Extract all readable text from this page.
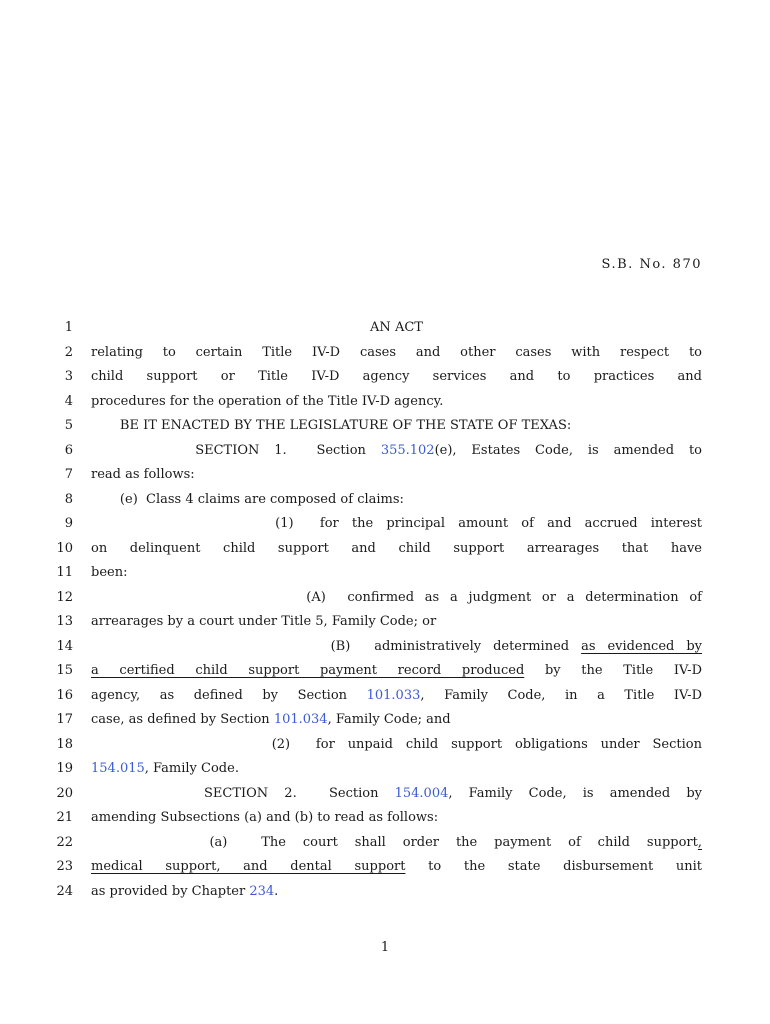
S.B. No. 870
1	AN ACT
2 relating to certain Title IV-D cases and other cases with respect to
3 child support or Title IV-D agency services and to practices and
4 procedures for the operation of the Title IV-D agency.
5 BE IT ENACTED BY THE LEGISLATURE OF THE STATE OF TEXAS:
6 SECTION 1.  Section 355.102(e), Estates Code, is amended to
7 read as follows:
8 (e)  Class 4 claims are composed of claims:
9 (1)  for the principal amount of and accrued interest
10 on delinquent child support and child support arrearages that have
11 been:
12 (A)  confirmed as a judgment or a determination of
13 arrearages by a court under Title 5, Family Code; or
14 (B)  administratively determined as evidenced by
15 a certified child support payment record produced by the Title IV-D
16 agency, as defined by Section 101.033, Family Code, in a Title IV-D
17 case, as defined by Section 101.034, Family Code; and
18 (2)  for unpaid child support obligations under Section
19 154.015, Family Code.
20 SECTION 2.  Section 154.004, Family Code, is amended by
21 amending Subsections (a) and (b) to read as follows:
22 (a)  The court shall order the payment of child support,
23 medical support, and dental support to the state disbursement unit
24 as provided by Chapter 234.
1
